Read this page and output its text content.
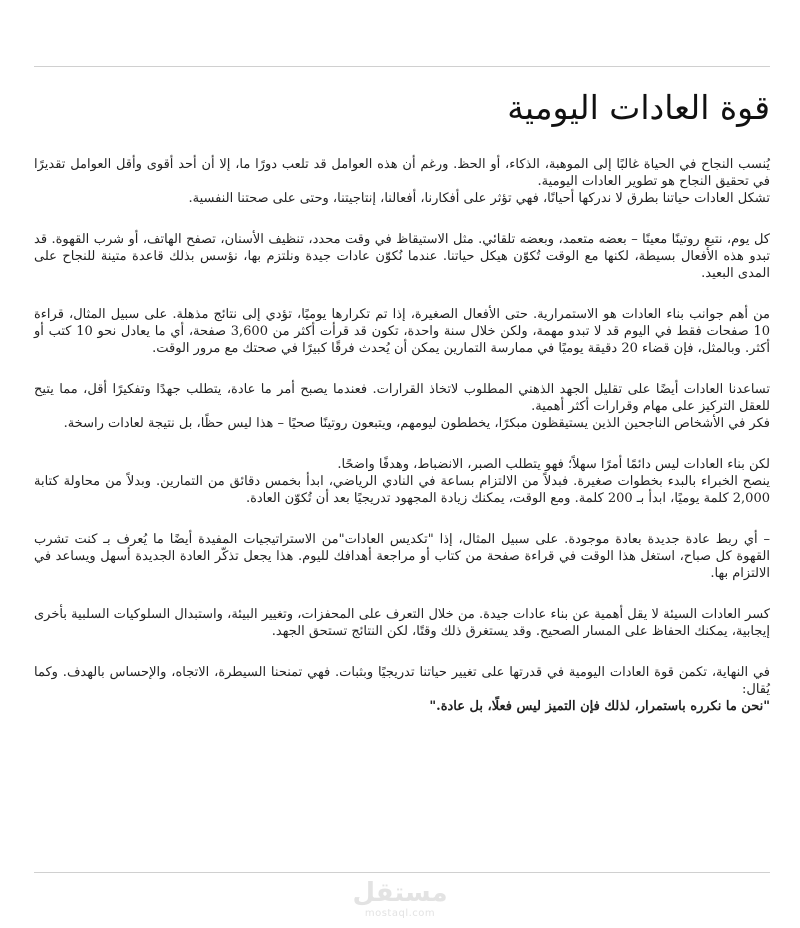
قوة العادات اليومية

يُنسب النجاح في الحياة غالبًا إلى الموهبة، الذكاء، أو الحظ. ورغم أن هذه العوامل قد تلعب دورًا ما، إلا أن أحد أقوى وأقل العوامل تقديرًا في تحقيق النجاح هو تطوير العادات اليومية.
تشكل العادات حياتنا بطرق لا ندركها أحيانًا، فهي تؤثر على أفكارنا، أفعالنا، إنتاجيتنا، وحتى على صحتنا النفسية.

كل يوم، نتبع روتينًا معينًا – بعضه متعمد، وبعضه تلقائي. مثل الاستيقاظ في وقت محدد، تنظيف الأسنان، تصفح الهاتف، أو شرب القهوة. قد تبدو هذه الأفعال بسيطة، لكنها مع الوقت تُكوّن هيكل حياتنا. عندما نُكوّن عادات جيدة ونلتزم بها، نؤسس بذلك قاعدة متينة للنجاح على المدى البعيد.

من أهم جوانب بناء العادات هو الاستمرارية. حتى الأفعال الصغيرة، إذا تم تكرارها يوميًا، تؤدي إلى نتائج مذهلة. على سبيل المثال، قراءة 10 صفحات فقط في اليوم قد لا تبدو مهمة، ولكن خلال سنة واحدة، تكون قد قرأت أكثر من 3,600 صفحة، أي ما يعادل نحو 10 كتب أو أكثر. وبالمثل، فإن قضاء 20 دقيقة يوميًا في ممارسة التمارين يمكن أن يُحدث فرقًا كبيرًا في صحتك مع مرور الوقت.

تساعدنا العادات أيضًا على تقليل الجهد الذهني المطلوب لاتخاذ القرارات. فعندما يصبح أمر ما عادة، يتطلب جهدًا وتفكيرًا أقل، مما يتيح للعقل التركيز على مهام وقرارات أكثر أهمية.
فكر في الأشخاص الناجحين الذين يستيقظون مبكرًا، يخططون ليومهم، ويتبعون روتينًا صحيًا – هذا ليس حظًا، بل نتيجة لعادات راسخة.

لكن بناء العادات ليس دائمًا أمرًا سهلاً؛ فهو يتطلب الصبر، الانضباط، وهدفًا واضحًا.
ينصح الخبراء بالبدء بخطوات صغيرة. فبدلاً من الالتزام بساعة في النادي الرياضي، ابدأ بخمس دقائق من التمارين. وبدلاً من محاولة كتابة 2,000 كلمة يوميًا، ابدأ بـ 200 كلمة. ومع الوقت، يمكنك زيادة المجهود تدريجيًا بعد أن تُكوّن العادة.

– أي ربط عادة جديدة بعادة موجودة. على سبيل المثال، إذا "تكديس العادات"من الاستراتيجيات المفيدة أيضًا ما يُعرف بـ كنت تشرب القهوة كل صباح، استغل هذا الوقت في قراءة صفحة من كتاب أو مراجعة أهدافك لليوم. هذا يجعل تذكّر العادة الجديدة أسهل ويساعد في الالتزام بها.

كسر العادات السيئة لا يقل أهمية عن بناء عادات جيدة. من خلال التعرف على المحفزات، وتغيير البيئة، واستبدال السلوكيات السلبية بأخرى إيجابية، يمكنك الحفاظ على المسار الصحيح. وقد يستغرق ذلك وقتًا، لكن النتائج تستحق الجهد.

في النهاية، تكمن قوة العادات اليومية في قدرتها على تغيير حياتنا تدريجيًا وبثبات. فهي تمنحنا السيطرة، الاتجاه، والإحساس بالهدف. وكما يُقال:
"نحن ما نكرره باستمرار، لذلك فإن التميز ليس فعلًا، بل عادة."

مستقل
mostaql.com
